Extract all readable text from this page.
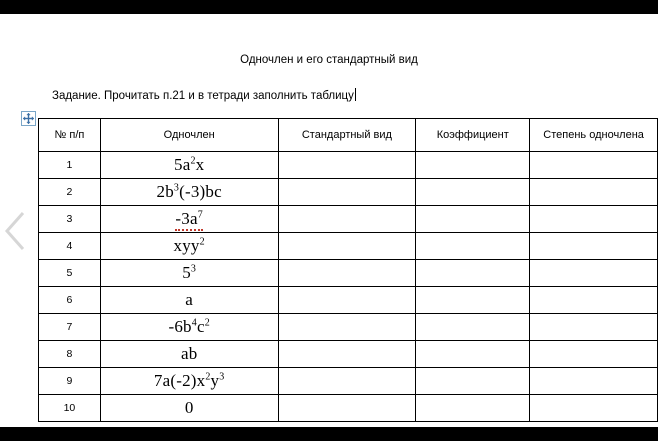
Одночлен и его стандартный вид
Задание. Прочитать п.21 и в тетради заполнить таблицу
№ п/п	Одночлен	Стандартный вид	Коэффициент	Степень одночлена
1	$5a^2x$			
2	$2b^3(-3)bc$			
3	$-3a^7$			
4	xyy$^2$			
5	$5^3$			
6	a			
7	$-6b^4c^2$			
8	ab			
9	$7a(-2)x^2y^3$			
10	0			
